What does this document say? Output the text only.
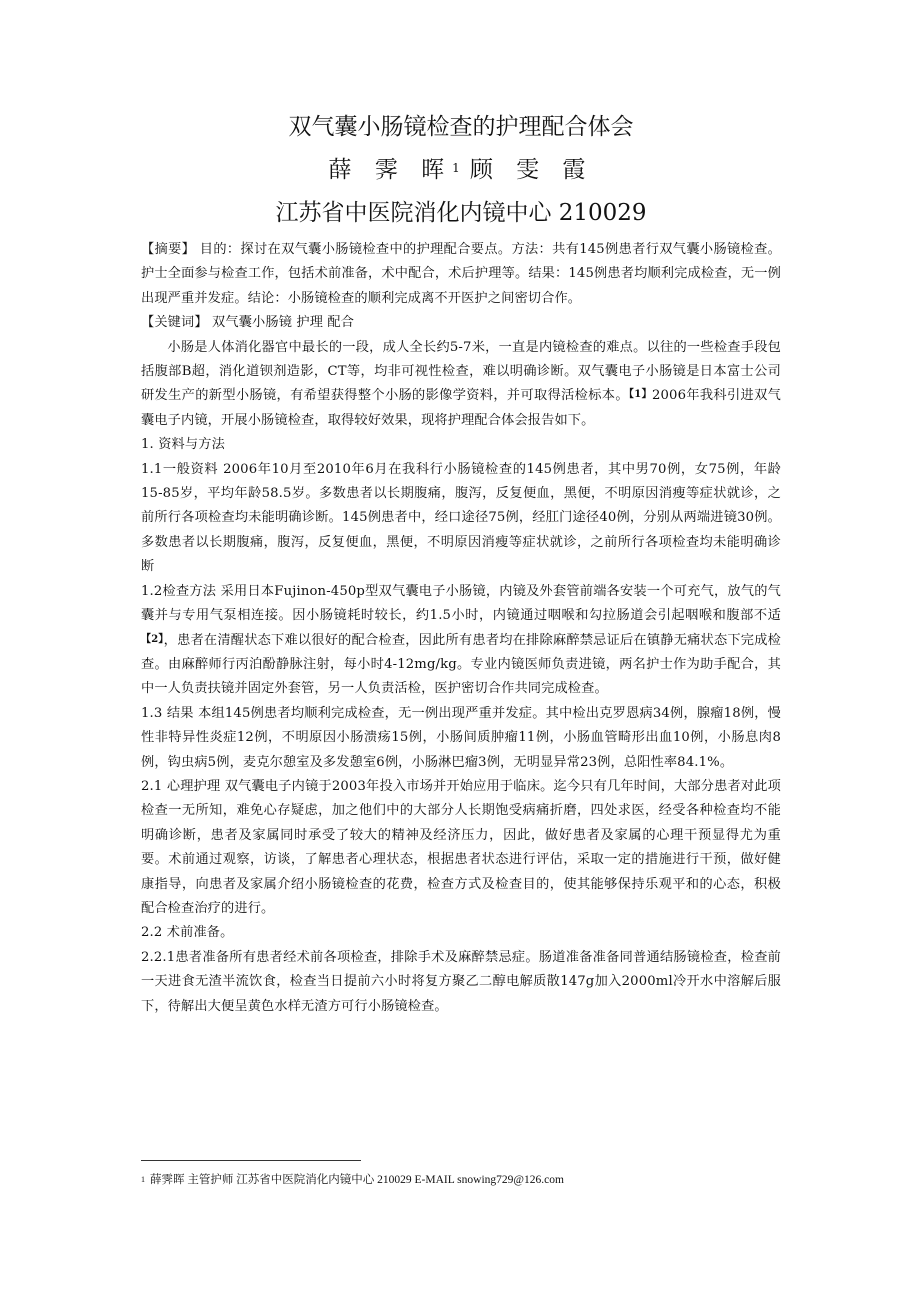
双气囊小肠镜检查的护理配合体会
薛 霁 晖$^1$ 顾 雯 霞
江苏省中医院消化内镜中心 210029

【摘要】 目的：探讨在双气囊小肠镜检查中的护理配合要点。方法：共有145例患者行双气囊小肠镜检查。护士全面参与检查工作，包括术前准备，术中配合，术后护理等。结果：145例患者均顺利完成检查，无一例出现严重并发症。结论：小肠镜检查的顺利完成离不开医护之间密切合作。

【关键词】 双气囊小肠镜 护理 配合

小肠是人体消化器官中最长的一段，成人全长约5-7米，一直是内镜检查的难点。以往的一些检查手段包括腹部B超，消化道钡剂造影，CT等，均非可视性检查，难以明确诊断。双气囊电子小肠镜是日本富士公司研发生产的新型小肠镜，有希望获得整个小肠的影像学资料，并可取得活检标本。$^{【1】}$2006年我科引进双气囊电子内镜，开展小肠镜检查，取得较好效果，现将护理配合体会报告如下。

1. 资料与方法

1.1一般资料 2006年10月至2010年6月在我科行小肠镜检查的145例患者，其中男70例，女75例，年龄15-85岁，平均年龄58.5岁。多数患者以长期腹痛，腹泻，反复便血，黑便，不明原因消瘦等症状就诊，之前所行各项检查均未能明确诊断。145例患者中，经口途径75例，经肛门途径40例，分别从两端进镜30例。多数患者以长期腹痛，腹泻，反复便血，黑便，不明原因消瘦等症状就诊，之前所行各项检查均未能明确诊断

1.2检查方法 采用日本Fujinon-450p型双气囊电子小肠镜，内镜及外套管前端各安装一个可充气，放气的气囊并与专用气泵相连接。因小肠镜耗时较长，约1.5小时，内镜通过咽喉和勾拉肠道会引起咽喉和腹部不适$^{【2】}$，患者在清醒状态下难以很好的配合检查，因此所有患者均在排除麻醉禁忌证后在镇静无痛状态下完成检查。由麻醉师行丙泊酚静脉注射，每小时4-12mg/kg。专业内镜医师负责进镜，两名护士作为助手配合，其中一人负责扶镜并固定外套管，另一人负责活检，医护密切合作共同完成检查。

1.3 结果 本组145例患者均顺利完成检查，无一例出现严重并发症。其中检出克罗恩病34例，腺瘤18例，慢性非特异性炎症12例，不明原因小肠溃疡15例，小肠间质肿瘤11例，小肠血管畸形出血10例，小肠息肉8例，钩虫病5例，麦克尔憩室及多发憩室6例，小肠淋巴瘤3例，无明显异常23例，总阳性率84.1%。

2.1 心理护理 双气囊电子内镜于2003年投入市场并开始应用于临床。迄今只有几年时间，大部分患者对此项检查一无所知，难免心存疑虑，加之他们中的大部分人长期饱受病痛折磨，四处求医，经受各种检查均不能明确诊断，患者及家属同时承受了较大的精神及经济压力，因此，做好患者及家属的心理干预显得尤为重要。术前通过观察，访谈，了解患者心理状态，根据患者状态进行评估，采取一定的措施进行干预，做好健康指导，向患者及家属介绍小肠镜检查的花费，检查方式及检查目的，使其能够保持乐观平和的心态，积极配合检查治疗的进行。

2.2 术前准备。

2.2.1患者准备所有患者经术前各项检查，排除手术及麻醉禁忌症。肠道准备准备同普通结肠镜检查，检查前一天进食无渣半流饮食，检查当日提前六小时将复方聚乙二醇电解质散147g加入2000ml冷开水中溶解后服下，待解出大便呈黄色水样无渣方可行小肠镜检查。

$^1$ 薛霁晖 主管护师 江苏省中医院消化内镜中心 210029 E-MAIL snowing729@126.com
